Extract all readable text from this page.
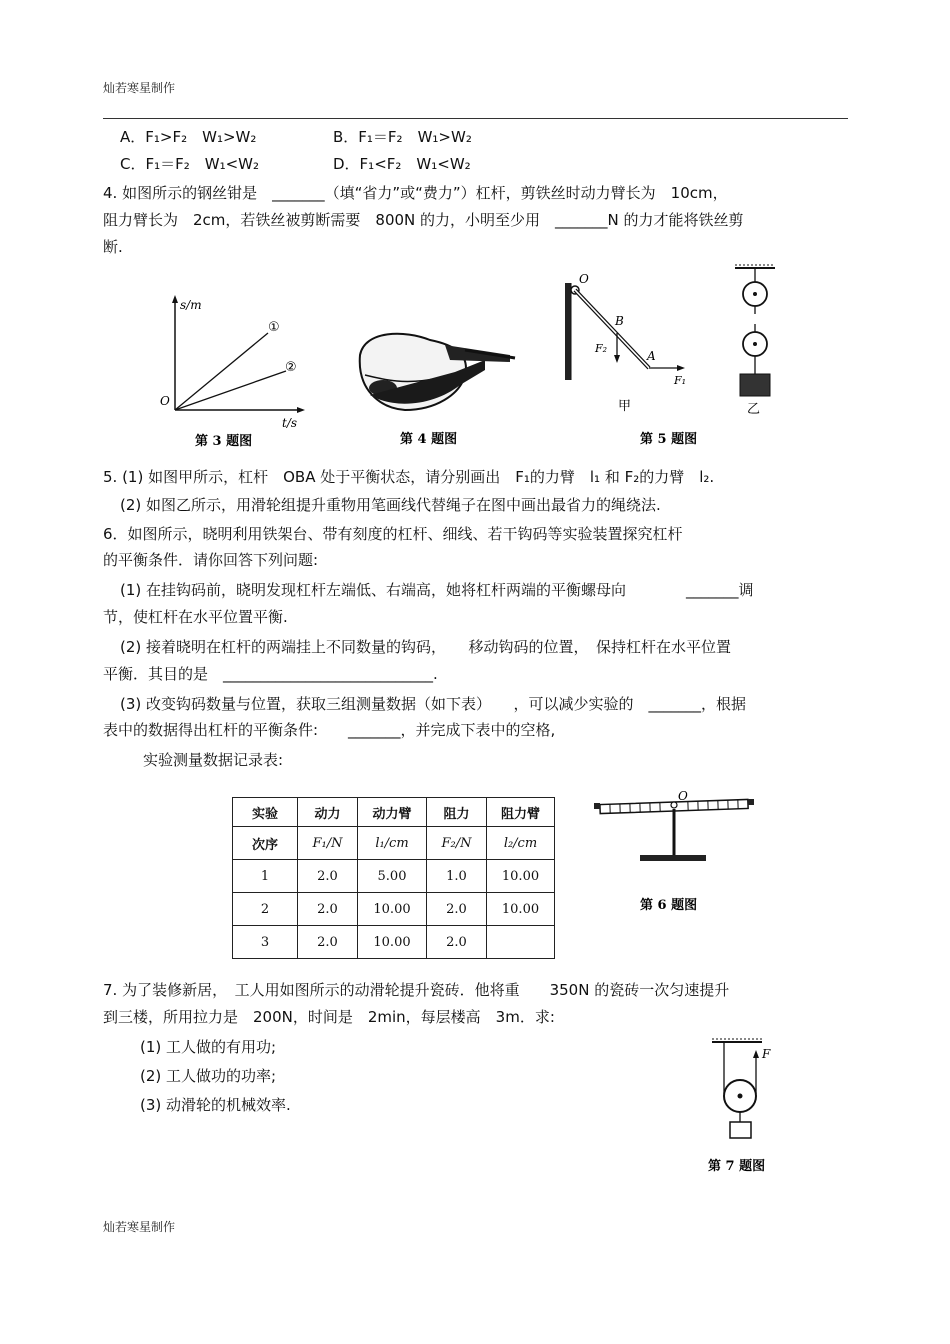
灿若寒星制作
A．F₁>F₂　W₁>W₂	B．F₁＝F₂　W₁>W₂
C．F₁＝F₂　W₁<W₂	D．F₁<F₂　W₁<W₂
4. 如图所示的钢丝钳是　_______（填“省力”或“费力”）杠杆，剪铁丝时动力臂长为　10cm，
阻力臂长为　2cm，若铁丝被剪断需要　800N 的力，小明至少用　_______N 的力才能将铁丝剪
断.
s/m
t/s
O
①
②
第 3 题图	第 4 题图
O
B
A
F₁
F₂
甲
第 5 题图
乙
5. (1) 如图甲所示，杠杆　OBA 处于平衡状态，请分别画出　F₁的力臂　l₁ 和 F₂的力臂　l₂.
(2) 如图乙所示，用滑轮组提升重物用笔画线代替绳子在图中画出最省力的绳绕法.
6．如图所示，晓明利用铁架台、带有刻度的杠杆、细线、若干钩码等实验装置探究杠杆
的平衡条件．请你回答下列问题:
(1) 在挂钩码前，晓明发现杠杆左端低、右端高，她将杠杆两端的平衡螺母向　　　　_______调
节，使杠杆在水平位置平衡.
(2) 接着晓明在杠杆的两端挂上不同数量的钩码，　　移动钩码的位置，　保持杠杆在水平位置
平衡．其目的是　____________________________.
(3) 改变钩码数量与位置，获取三组测量数据（如下表）　　，可以减少实验的　_______，根据
表中的数据得出杠杆的平衡条件:　　_______，并完成下表中的空格,
实验测量数据记录表:
实验	动力	动力臂	阻力	阻力臂
次序	F₁/N	l₁/cm	F₂/N	l₂/cm
1	2.0	5.00	1.0	10.00
2	2.0	10.00	2.0	10.00
3	2.0	10.00	2.0	
O
第 6 题图
7. 为了装修新居，　工人用如图所示的动滑轮提升瓷砖．他将重　　350N 的瓷砖一次匀速提升
到三楼，所用拉力是　200N，时间是　2min，每层楼高　3m．求:
(1) 工人做的有用功;
(2) 工人做功的功率;
(3) 动滑轮的机械效率.
F
第 7 题图
灿若寒星制作
